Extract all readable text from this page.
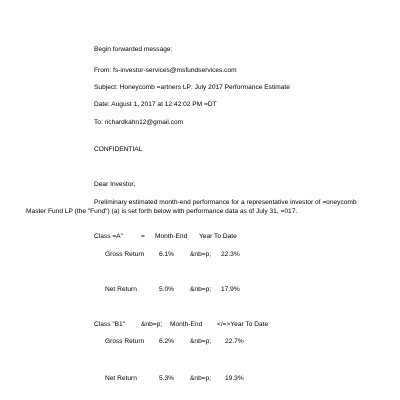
Begin forwarded message:

From: fs-investor-services@msfundservices.com

Subject: Honeycomb =artners LP: July 2017 Performance Estimate

Date: August 1, 2017 at 12:42:02 PM =DT

To: richardkahn12@gmail.com

CONFIDENTIAL

Dear Investor,

Preliminary estimated month-end performance for a representative investor of =oneycomb

Master Fund LP (the "Fund") (a) is set forth below with performance data as of July 31, =017.

Class =A"	= Month-End Year To Date
Gross Return 6.1% &nb=p; 22.3%
Net Return	5.0% &nb=p; 17.9%
Class "B1" &nb=p; Month-End </=>Year To Date
Gross Return 6.2% &nb=p; 22.7%
Net Return	5.3% &nb=p; 19.3%
